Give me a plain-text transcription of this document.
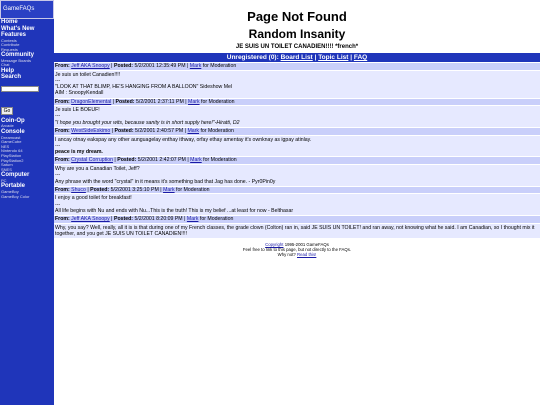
GameFAQs
Home
What's New
Features
Contests
Contribute
Requests
Community
Message Boards
Chat
Help
Search
Go
Coin-Op
Arcade
Console
Dreamcast
GameCube
NES
Nintendo 64
PlayStation
PlayStation2
Saturn
SNES
Computer
PC
Portable
GameBoy
GameBoy Color
Page Not Found
Random Insanity
JE SUIS UN TOILET CANADIEN!!!! *french*
Unregistered (0): Board List | Topic List | FAQ
From: Jeff AKA Snoopy | Posted: 5/2/2001 12:35:49 PM | Mark for Moderation
Je suis un toilet Canadien!!!!
---
"LOOK AT THAT BLIMP, HE'S HANGING FROM A BALLOON" Sideshow Mel
AIM : SnoopyKendall
From: DragonElemental | Posted: 5/2/2001 2:37:11 PM | Mark for Moderation
Je suis LE BOEUF!
---
"I hope you brought your wits, because sanity is in short supply here!"-Hiratti, D2
From: WestSideEskimo | Posted: 5/2/2001 2:40:57 PM | Mark for Moderation
I ancay otnay eakspay any other aunguagelay enthay ithway, orfay ethay amentay it's ownknay as igpay atinlay.
---
peace is my dream.
From: Crystal Corruption | Posted: 5/2/2001 2:42:07 PM | Mark for Moderation
Why are you a Canadian Toilet, Jeff?
---
Any phrase with the word "crystal" in it means it's something bad that Jag has done. - Pyr0Pin0y
From: Shuco | Posted: 5/2/2001 3:25:10 PM | Mark for Moderation
I enjoy a good toilet for breakfast!
---
All life begins with Nu and ends with Nu...This is the truth! This is my belief ...at least for now - Belthasar
From: Jeff AKA Snoopy | Posted: 5/2/2001 8:20:09 PM | Mark for Moderation
Why, you say? Well, really, all it is is that during one of my French classes, the grade clown (Colton) ran in, said JE SUIS UN TOILET! and ran away, not knowing what he said. I am Canadian, so I thought mix it together, and you get JE SUIS UN TOILET CANADIEN!!!!
Copyright 1995-2001 GameFAQs
Feel free to link to this page, but not directly to the FAQs.
Why not? Read this!
